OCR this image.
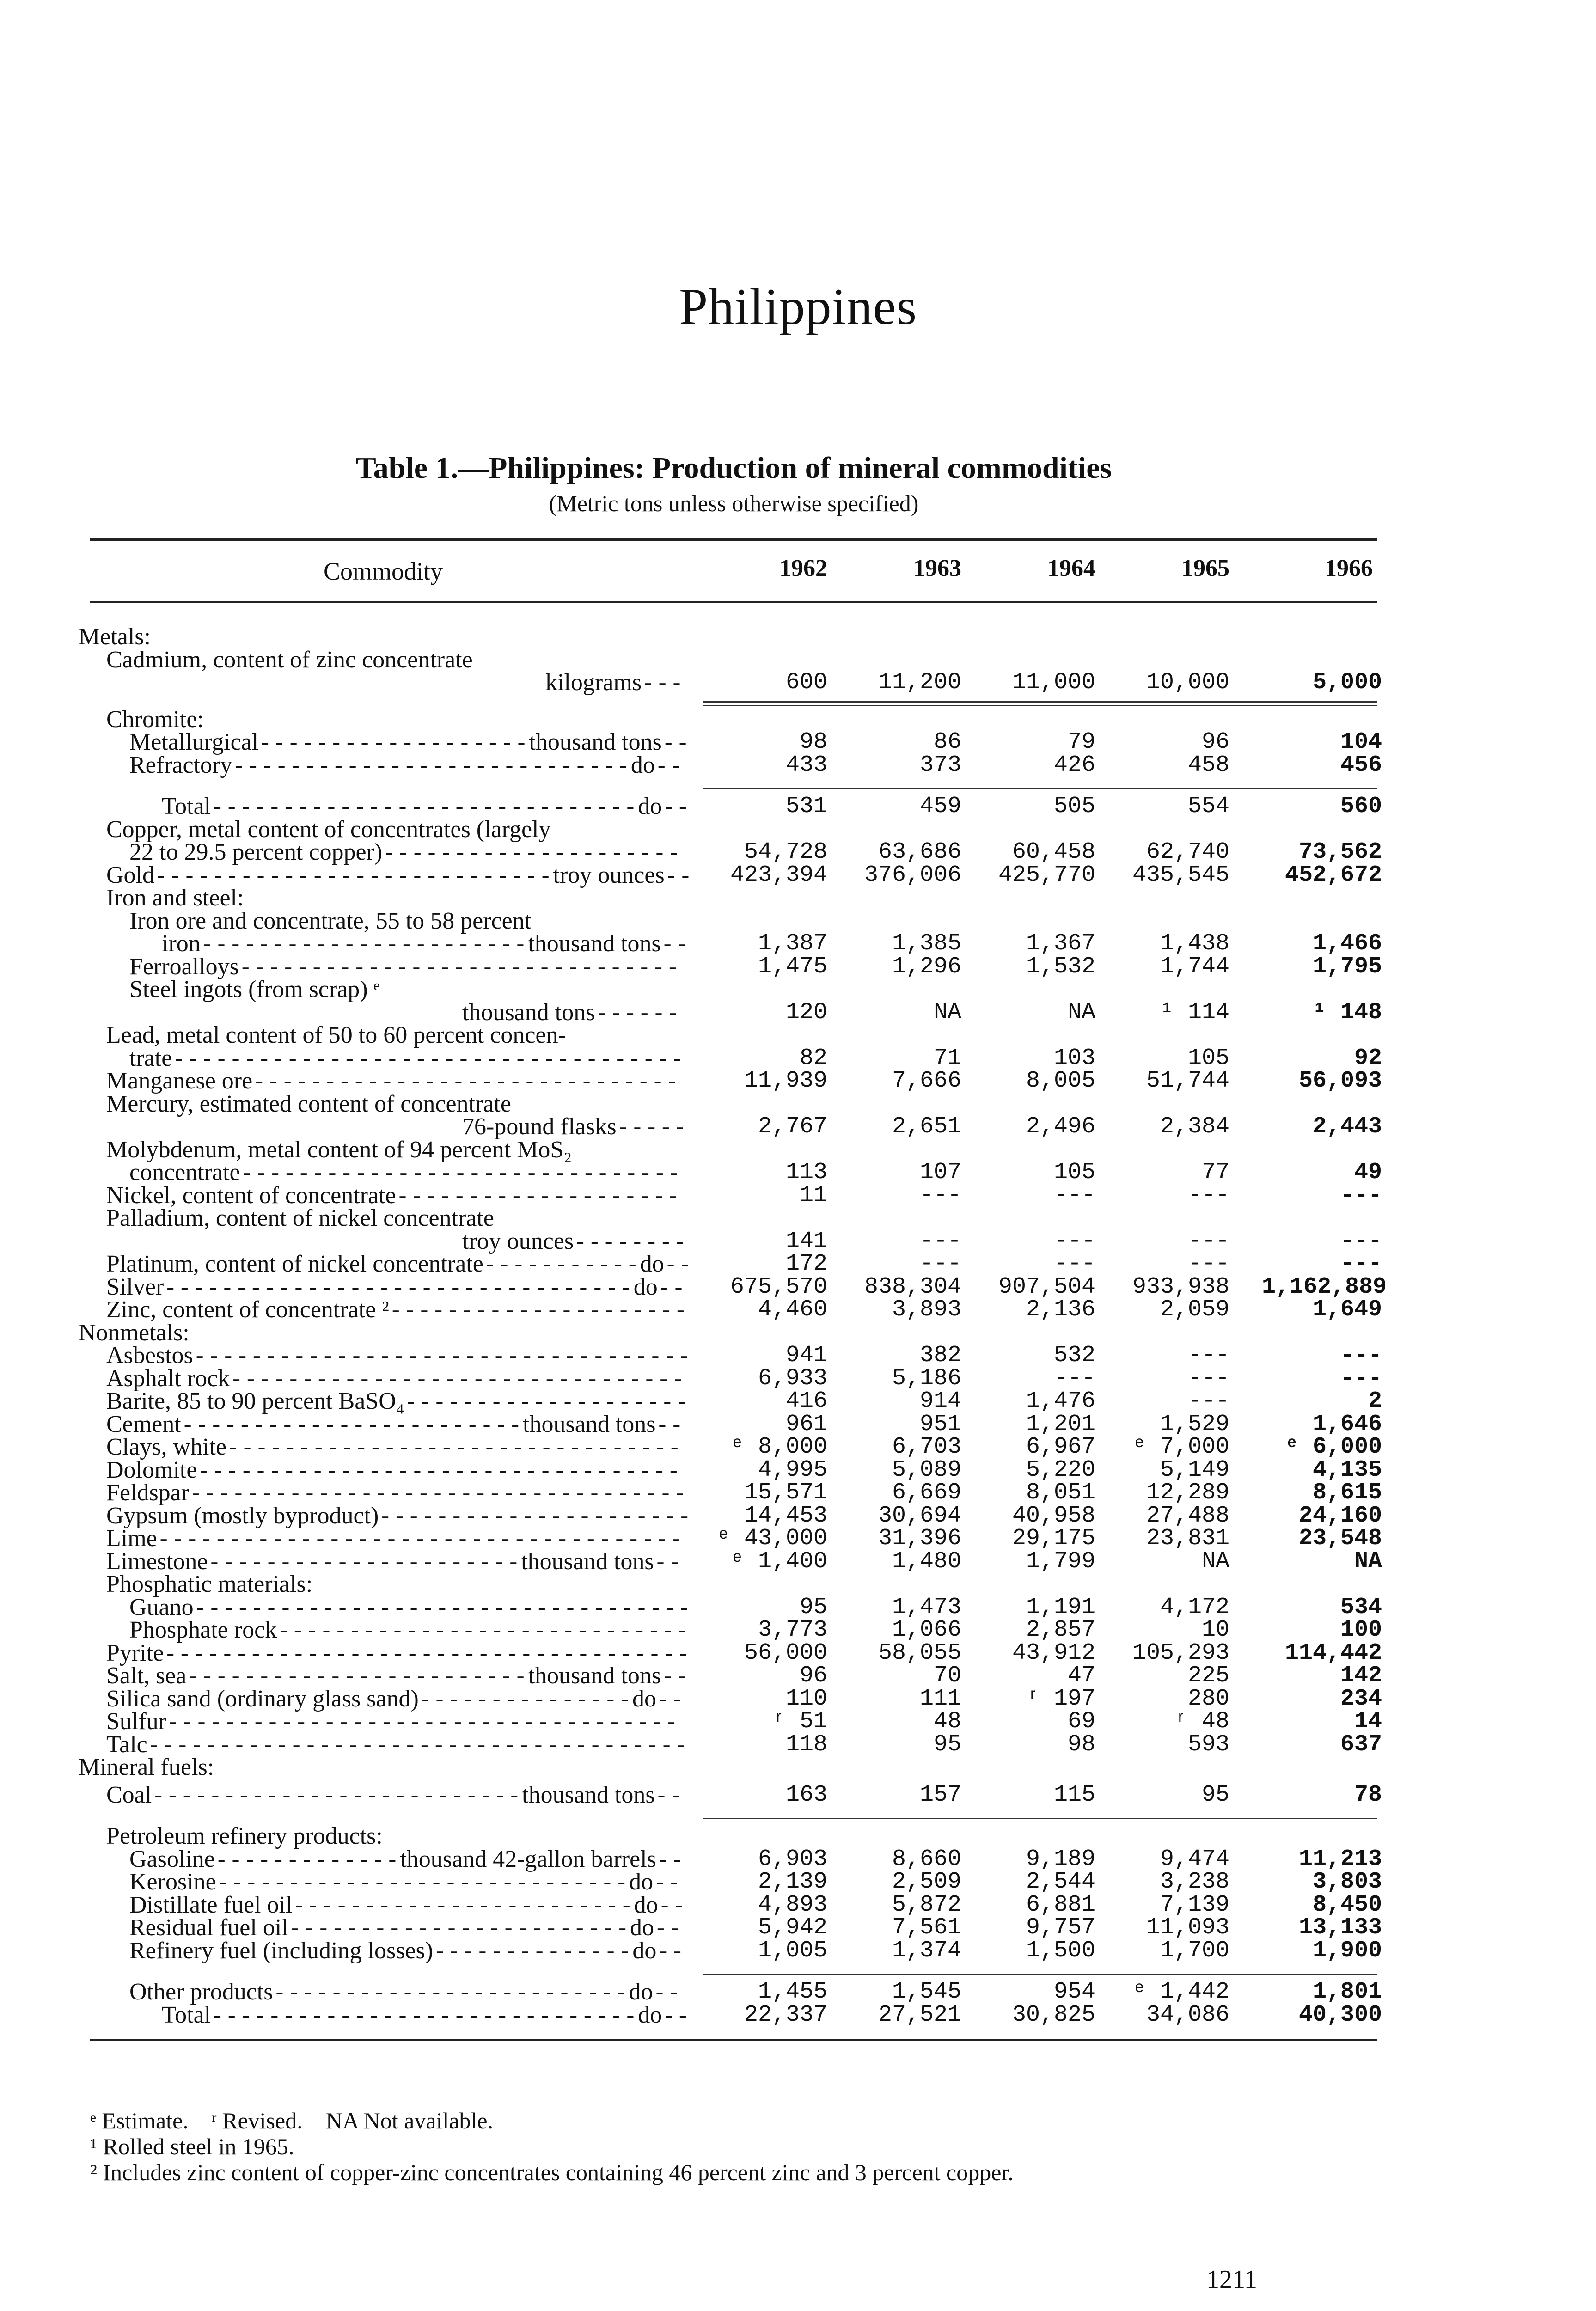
Philippines
Table 1.—Philippines: Production of mineral commodities
(Metric tons unless otherwise specified)
Commodity	1962	1963	1964	1965	1966
Metals:
Cadmium, content of zinc concentrate
kilograms---	600	11,200	11,000	10,000	5,000
Chromite:
Metallurgical-------------------thousand tons--	98	86	79	96	104
Refractory----------------------------do--	433	373	426	458	456
Total------------------------------do--	531	459	505	554	560
Copper, metal content of concentrates (largely
22 to 29.5 percent copper)---------------------	54,728	63,686	60,458	62,740	73,562
Gold----------------------------troy ounces--	423,394	376,006	425,770	435,545	452,672
Iron and steel:
Iron ore and concentrate, 55 to 58 percent
iron-----------------------thousand tons--	1,387	1,385	1,367	1,438	1,466
Ferroalloys-------------------------------	1,475	1,296	1,532	1,744	1,795
Steel ingots (from scrap) ᵉ
thousand tons------	120	NA	NA	¹ 114	¹ 148
Lead, metal content of 50 to 60 percent concen-
trate------------------------------------	82	71	103	105	92
Manganese ore------------------------------	11,939	7,666	8,005	51,744	56,093
Mercury, estimated content of concentrate
76-pound flasks-----	2,767	2,651	2,496	2,384	2,443
Molybdenum, metal content of 94 percent MoS₂
concentrate-------------------------------	113	107	105	77	49
Nickel, content of concentrate--------------------	11	---	---	---	---
Palladium, content of nickel concentrate
troy ounces--------	141	---	---	---	---
Platinum, content of nickel concentrate-----------do--	172	---	---	---	---
Silver---------------------------------do--	675,570	838,304	907,504	933,938 1,162,889
Zinc, content of concentrate ²---------------------	4,460	3,893	2,136	2,059	1,649
Nonmetals:
Asbestos-----------------------------------	941	382	532	---	---
Asphalt rock--------------------------------	6,933	5,186	---	---	---
Barite, 85 to 90 percent BaSO₄--------------------	416	914	1,476	---	2
Cement------------------------thousand tons--	961	951	1,201	1,529	1,646
Clays, white--------------------------------	ᵉ 8,000	6,703	6,967	ᵉ 7,000	ᵉ 6,000
Dolomite----------------------------------	4,995	5,089	5,220	5,149	4,135
Feldspar-----------------------------------	15,571	6,669	8,051	12,289	8,615
Gypsum (mostly byproduct)----------------------	14,453	30,694	40,958	27,488	24,160
Lime-------------------------------------	ᵉ 43,000	31,396	29,175	23,831	23,548
Limestone----------------------thousand tons--	ᵉ 1,400	1,480	1,799	NA	NA
Phosphatic materials:
Guano-----------------------------------	95	1,473	1,191	4,172	534
Phosphate rock-----------------------------	3,773	1,066	2,857	10	100
Pyrite-------------------------------------	56,000	58,055	43,912	105,293	114,442
Salt, sea------------------------thousand tons--	96	70	47	225	142
Silica sand (ordinary glass sand)---------------do--	110	111	ʳ 197	280	234
Sulfur------------------------------------	ʳ 51	48	69	ʳ 48	14
Talc--------------------------------------	118	95	98	593	637
Mineral fuels:
Coal--------------------------thousand tons--	163	157	115	95	78
Petroleum refinery products:
Gasoline-------------thousand 42-gallon barrels--	6,903	8,660	9,189	9,474	11,213
Kerosine-----------------------------do--	2,139	2,509	2,544	3,238	3,803
Distillate fuel oil------------------------do--	4,893	5,872	6,881	7,139	8,450
Residual fuel oil------------------------do--	5,942	7,561	9,757	11,093	13,133
Refinery fuel (including losses)--------------do--	1,005	1,374	1,500	1,700	1,900
Other products-------------------------do--	1,455	1,545	954	ᵉ 1,442	1,801
Total------------------------------do--	22,337	27,521	30,825	34,086	40,300
ᵉ Estimate.    ʳ Revised.    NA Not available.
¹ Rolled steel in 1965.
² Includes zinc content of copper-zinc concentrates containing 46 percent zinc and 3 percent copper.
1211
